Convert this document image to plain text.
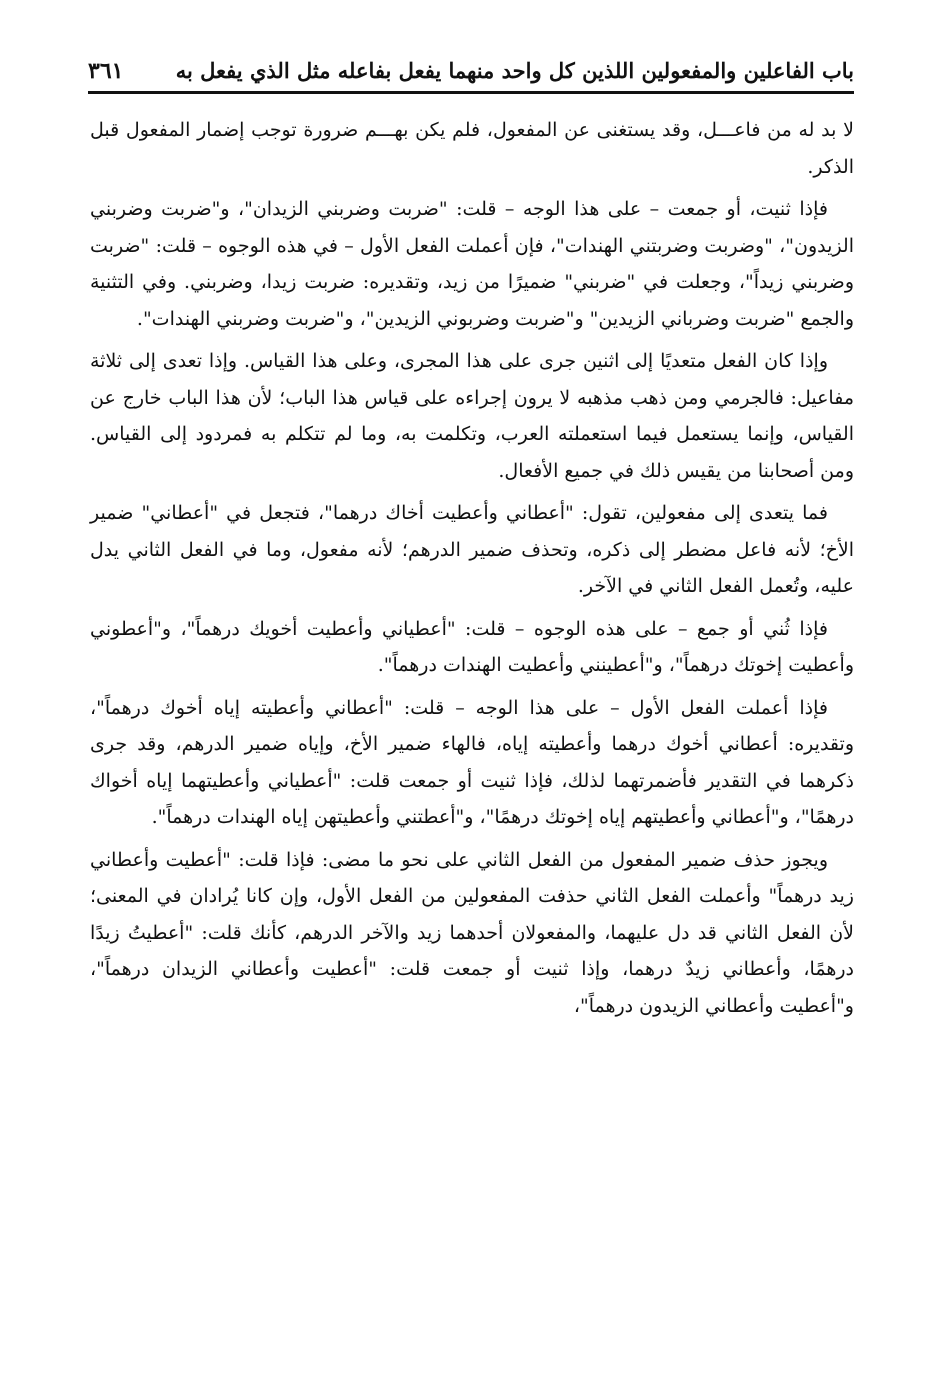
باب الفاعلين والمفعولين اللذين كل واحد منهما يفعل بفاعله مثل الذي يفعل به
٣٦١

لا بد له من فاعـــل، وقد يستغنى عن المفعول، فلم يكن بهـــم ضرورة توجب إضمار المفعول قبل الذكر.

فإذا ثنيت، أو جمعت – على هذا الوجه – قلت: "ضربت وضربني الزيدان"، و"ضربت وضربني الزيدون"، "وضربت وضربتني الهندات"، فإن أعملت الفعل الأول – في هذه الوجوه – قلت: "ضربت وضربني زيداً"، وجعلت في "ضربني" ضميرًا من زيد، وتقديره: ضربت زيدا، وضربني. وفي التثنية والجمع "ضربت وضرباني الزيدين" و"ضربت وضربوني الزيدين"، و"ضربت وضربني الهندات".

وإذا كان الفعل متعديًا إلى اثنين جرى على هذا المجرى، وعلى هذا القياس. وإذا تعدى إلى ثلاثة مفاعيل: فالجرمي ومن ذهب مذهبه لا يرون إجراءه على قياس هذا الباب؛ لأن هذا الباب خارج عن القياس، وإنما يستعمل فيما استعملته العرب، وتكلمت به، وما لم تتكلم به فمردود إلى القياس. ومن أصحابنا من يقيس ذلك في جميع الأفعال.

فما يتعدى إلى مفعولين، تقول: "أعطاني وأعطيت أخاك درهما"، فتجعل في "أعطاني" ضمير الأخ؛ لأنه فاعل مضطر إلى ذكره، وتحذف ضمير الدرهم؛ لأنه مفعول، وما في الفعل الثاني يدل عليه، وتُعمل الفعل الثاني في الآخر.

فإذا ثُني أو جمع – على هذه الوجوه – قلت: "أعطياني وأعطيت أخويك درهماً"، و"أعطوني وأعطيت إخوتك درهماً"، و"أعطينني وأعطيت الهندات درهماً".

فإذا أعملت الفعل الأول – على هذا الوجه – قلت: "أعطاني وأعطيته إياه أخوك درهماً"، وتقديره: أعطاني أخوك درهما وأعطيته إياه، فالهاء ضمير الأخ، وإياه ضمير الدرهم، وقد جرى ذكرهما في التقدير فأضمرتهما لذلك، فإذا ثنيت أو جمعت قلت: "أعطياني وأعطيتهما إياه أخواك درهمًا"، و"أعطاني وأعطيتهم إياه إخوتك درهمًا"، و"أعطتني وأعطيتهن إياه الهندات درهماً".

ويجوز حذف ضمير المفعول من الفعل الثاني على نحو ما مضى: فإذا قلت: "أعطيت وأعطاني زيد درهماً" وأعملت الفعل الثاني حذفت المفعولين من الفعل الأول، وإن كانا يُرادان في المعنى؛ لأن الفعل الثاني قد دل عليهما، والمفعولان أحدهما زيد والآخر الدرهم، كأنك قلت: "أعطيتُ زيدًا درهمًا، وأعطاني زيدٌ درهما، وإذا ثنيت أو جمعت قلت: "أعطيت وأعطاني الزيدان درهماً"، و"أعطيت وأعطاني الزيدون درهماً"،
